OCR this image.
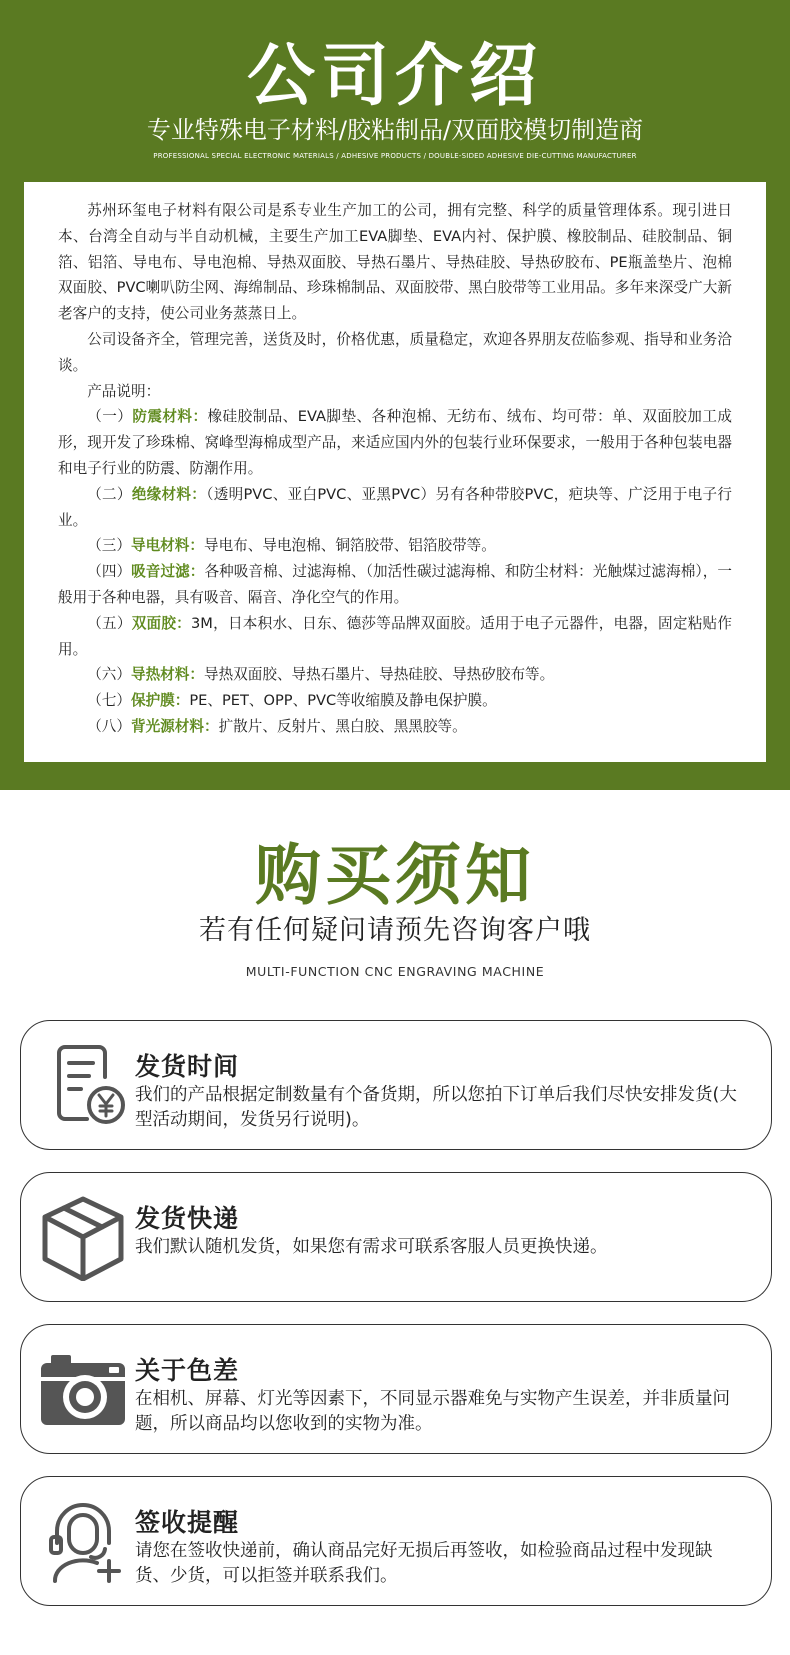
公司介绍
专业特殊电子材料/胶粘制品/双面胶模切制造商
PROFESSIONAL SPECIAL ELECTRONIC MATERIALS / ADHESIVE PRODUCTS / DOUBLE-SIDED ADHESIVE DIE-CUTTING MANUFACTURER

苏州环玺电子材料有限公司是系专业生产加工的公司，拥有完整、科学的质量管理体系。现引进日本、台湾全自动与半自动机械，主要生产加工EVA脚垫、EVA内衬、保护膜、橡胶制品、硅胶制品、铜箔、铝箔、导电布、导电泡棉、导热双面胶、导热石墨片、导热硅胶、导热矽胶布、PE瓶盖垫片、泡棉双面胶、PVC喇叭防尘网、海绵制品、珍珠棉制品、双面胶带、黑白胶带等工业用品。多年来深受广大新老客户的支持，使公司业务蒸蒸日上。

公司设备齐全，管理完善，送货及时，价格优惠，质量稳定，欢迎各界朋友莅临参观、指导和业务洽谈。

产品说明：

（一）防震材料：橡硅胶制品、EVA脚垫、各种泡棉、无纺布、绒布、均可带：单、双面胶加工成形，现开发了珍珠棉、窝峰型海棉成型产品，来适应国内外的包装行业环保要求，一般用于各种包装电器和电子行业的防震、防潮作用。

（二）绝缘材料：（透明PVC、亚白PVC、亚黑PVC）另有各种带胶PVC，疤块等、广泛用于电子行业。

（三）导电材料：导电布、导电泡棉、铜箔胶带、铝箔胶带等。

（四）吸音过滤：各种吸音棉、过滤海棉、（加活性碳过滤海棉、和防尘材料：光触煤过滤海棉），一般用于各种电器，具有吸音、隔音、净化空气的作用。

（五）双面胶：3M，日本积水、日东、德莎等品牌双面胶。适用于电子元器件，电器，固定粘贴作用。

（六）导热材料：导热双面胶、导热石墨片、导热硅胶、导热矽胶布等。

（七）保护膜：PE、PET、OPP、PVC等收缩膜及静电保护膜。

（八）背光源材料：扩散片、反射片、黑白胶、黑黑胶等。

购买须知
若有任何疑问请预先咨询客户哦
MULTI-FUNCTION CNC ENGRAVING MACHINE
发货时间
我们的产品根据定制数量有个备货期，所以您拍下订单后我们尽快安排发货(大型活动期间，发货另行说明)。
发货快递
我们默认随机发货，如果您有需求可联系客服人员更换快递。
关于色差
在相机、屏幕、灯光等因素下，不同显示器难免与实物产生误差，并非质量问题，所以商品均以您收到的实物为准。
签收提醒
请您在签收快递前，确认商品完好无损后再签收，如检验商品过程中发现缺货、少货，可以拒签并联系我们。
